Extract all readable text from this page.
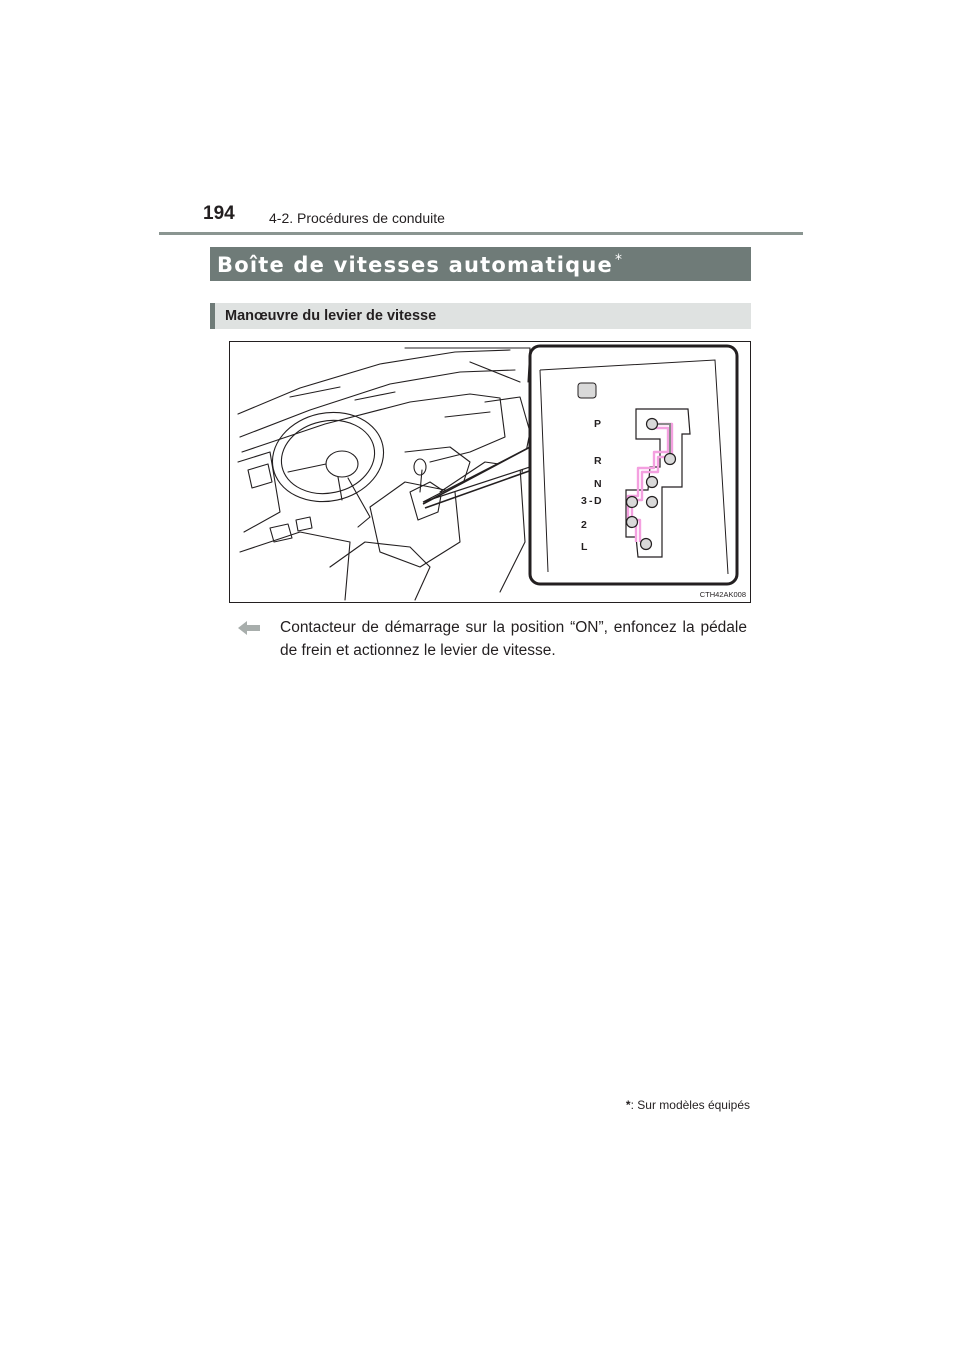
194 4-2. Procédures de conduite
Boîte de vitesses automatique *
Manœuvre du levier de vitesse
P
R
N
3 - D
2
L
CTH42AK008
Contacteur de démarrage sur la position “ON”, enfoncez la pédale de frein et actionnez le levier de vitesse.
*: Sur modèles équipés
